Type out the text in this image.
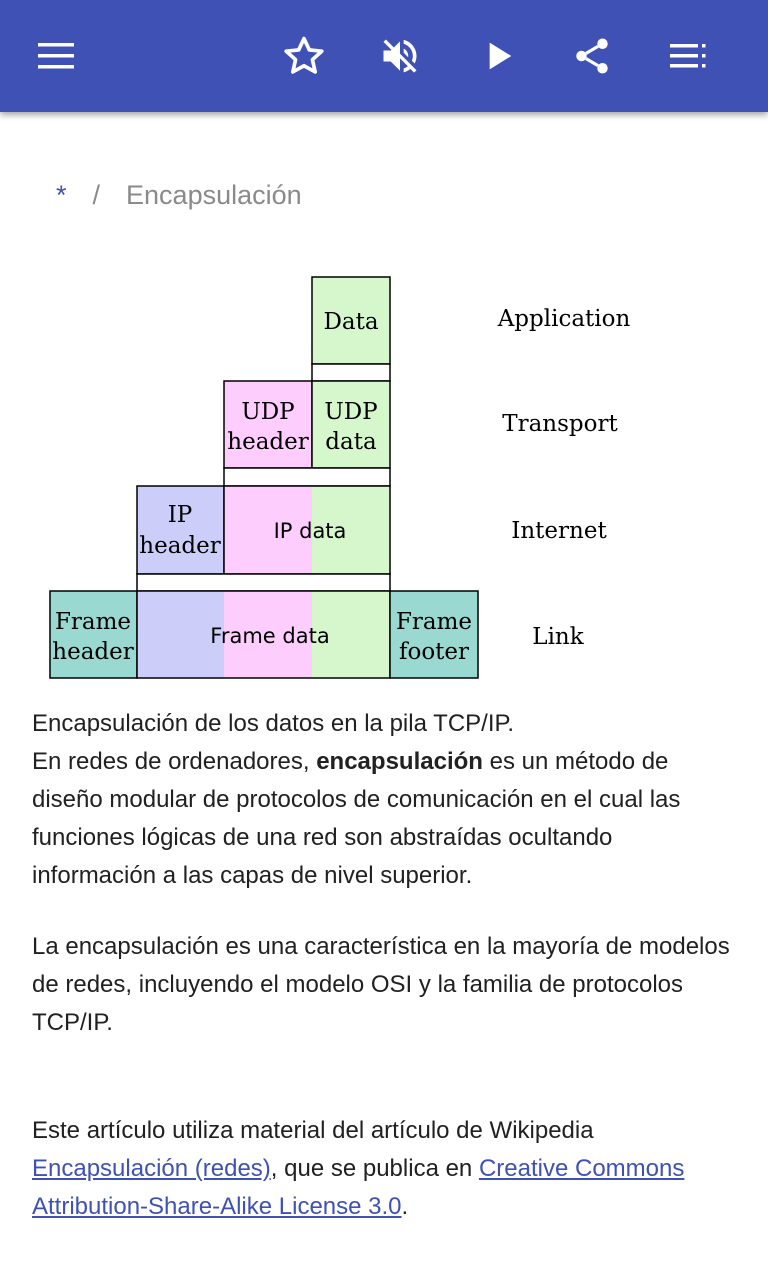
* / Encapsulación
Data
UDP
header
UDP
data
IP
header
Frame
header
Frame
footer
Application
Transport
Internet
Link
IP data
Frame data

Encapsulación de los datos en la pila TCP/IP.

En redes de ordenadores, encapsulación es un método de diseño modular de protocolos de comunicación en el cual las funciones lógicas de una red son abstraídas ocultando información a las capas de nivel superior.

La encapsulación es una característica en la mayoría de modelos de redes, incluyendo el modelo OSI y la familia de protocolos TCP/IP.

Este artículo utiliza material del artículo de Wikipedia Encapsulación (redes), que se publica en Creative Commons Attribution-Share-Alike License 3.0.
